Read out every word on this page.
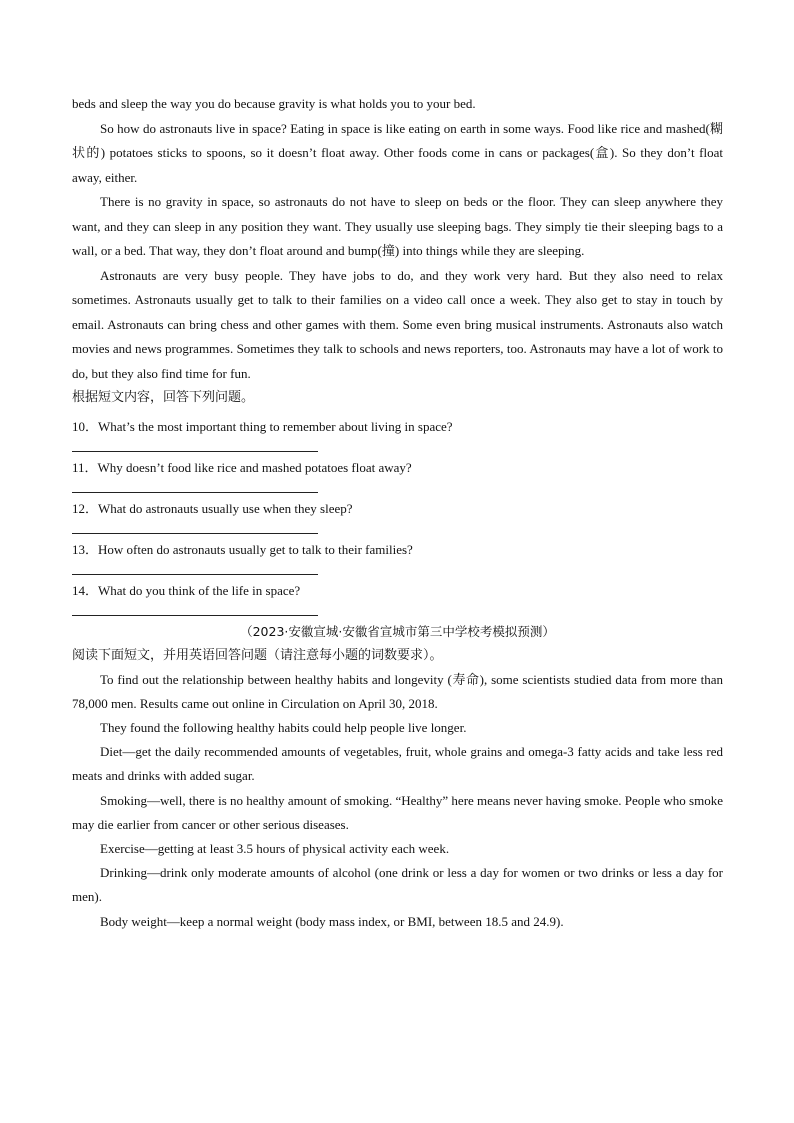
beds and sleep the way you do because gravity is what holds you to your bed.

So how do astronauts live in space? Eating in space is like eating on earth in some ways. Food like rice and mashed(糊状的) potatoes sticks to spoons, so it doesn’t float away. Other foods come in cans or packages(盒). So they don’t float away, either.

There is no gravity in space, so astronauts do not have to sleep on beds or the floor. They can sleep anywhere they want, and they can sleep in any position they want. They usually use sleeping bags. They simply tie their sleeping bags to a wall, or a bed. That way, they don’t float around and bump(撞) into things while they are sleeping.

Astronauts are very busy people. They have jobs to do, and they work very hard. But they also need to relax sometimes. Astronauts usually get to talk to their families on a video call once a week. They also get to stay in touch by email. Astronauts can bring chess and other games with them. Some even bring musical instruments. Astronauts also watch movies and news programmes. Sometimes they talk to schools and news reporters, too. Astronauts may have a lot of work to do, but they also find time for fun.

根据短文内容，回答下列问题。

10．What’s the most important thing to remember about living in space?

11．Why doesn’t food like rice and mashed potatoes float away?

12．What do astronauts usually use when they sleep?

13．How often do astronauts usually get to talk to their families?

14．What do you think of the life in space?

（2023·安徽宣城·安徽省宣城市第三中学校考模拟预测）

阅读下面短文，并用英语回答问题（请注意每小题的词数要求）。

To find out the relationship between healthy habits and longevity (寿命), some scientists studied data from more than 78,000 men. Results came out online in Circulation on April 30, 2018.

They found the following healthy habits could help people live longer.

Diet—get the daily recommended amounts of vegetables, fruit, whole grains and omega-3 fatty acids and take less red meats and drinks with added sugar.

Smoking—well, there is no healthy amount of smoking. “Healthy” here means never having smoke. People who smoke may die earlier from cancer or other serious diseases.

Exercise—getting at least 3.5 hours of physical activity each week.

Drinking—drink only moderate amounts of alcohol (one drink or less a day for women or two drinks or less a day for men).

Body weight—keep a normal weight (body mass index, or BMI, between 18.5 and 24.9).
